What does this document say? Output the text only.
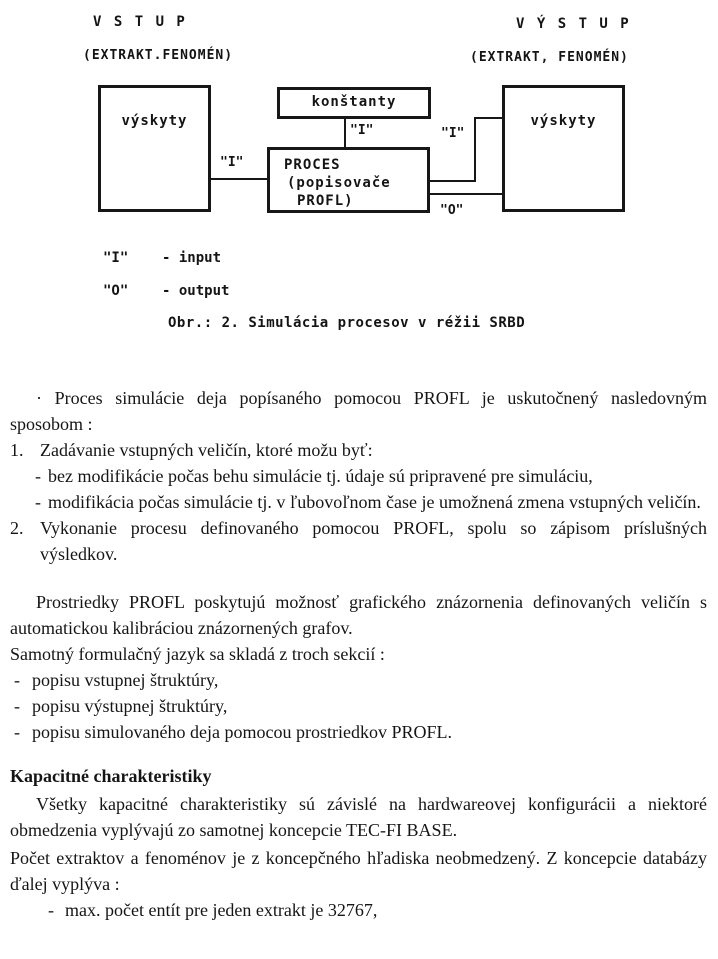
V S T U P
(EXTRAKT.FENOMÉN)
V Ý S T U P
(EXTRAKT, FENOMÉN)
výskyty
konštanty
PROCES
(popisovače
PROFL)
výskyty
"I"
"I"	"I"
"O"
"I" - input
"O" - output
Obr.: 2. Simulácia procesov v réžii SRBD

· Proces simulácie deja popísaného pomocou PROFL je uskutočnený nasledovným sposobom :

1. Zadávanie vstupných veličín, ktoré možu byť:
- bez modifikácie počas behu simulácie tj. údaje sú pripravené pre simuláciu,
- modifikácia počas simulácie tj. v ľubovoľnom čase je umožnená zmena vstupných veličín.
2. Vykonanie procesu definovaného pomocou PROFL, spolu so zápisom príslušných výsledkov.

Prostriedky PROFL poskytujú možnosť grafického znázornenia definovaných veličín s automatickou kalibráciou znázornených grafov.

Samotný formulačný jazyk sa skladá z troch sekcií :

- popisu vstupnej štruktúry,
- popisu výstupnej štruktúry,
- popisu simulovaného deja pomocou prostriedkov PROFL.

Kapacitné charakteristiky

Všetky kapacitné charakteristiky sú závislé na hardwareovej konfigurácii a niektoré obmedzenia vyplývajú zo samotnej koncepcie TEC-FI BASE.

Počet extraktov a fenoménov je z koncepčného hľadiska neobmedzený. Z koncepcie databázy ďalej vyplýva :

- max. počet entít pre jeden extrakt je 32767,
